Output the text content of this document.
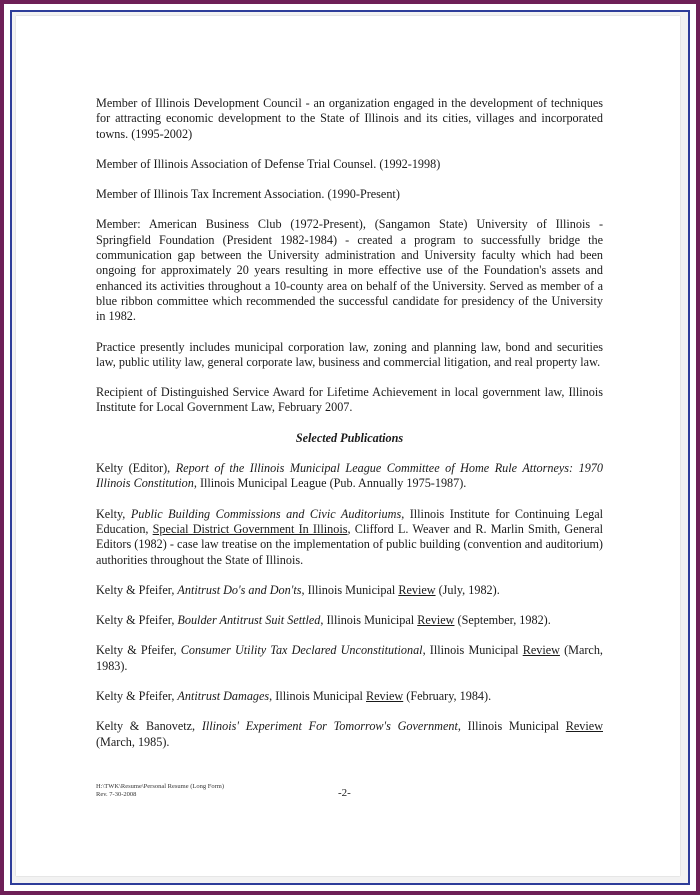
Member of Illinois Development Council - an organization engaged in the development of techniques for attracting economic development to the State of Illinois and its cities, villages and incorporated towns. (1995-2002)

Member of Illinois Association of Defense Trial Counsel. (1992-1998)

Member of Illinois Tax Increment Association. (1990-Present)

Member: American Business Club (1972-Present), (Sangamon State) University of Illinois - Springfield Foundation (President 1982-1984) - created a program to successfully bridge the communication gap between the University administration and University faculty which had been ongoing for approximately 20 years resulting in more effective use of the Foundation's assets and enhanced its activities throughout a 10-county area on behalf of the University. Served as member of a blue ribbon committee which recommended the successful candidate for presidency of the University in 1982.

Practice presently includes municipal corporation law, zoning and planning law, bond and securities law, public utility law, general corporate law, business and commercial litigation, and real property law.

Recipient of Distinguished Service Award for Lifetime Achievement in local government law, Illinois Institute for Local Government Law, February 2007.

Selected Publications

Kelty (Editor), Report of the Illinois Municipal League Committee of Home Rule Attorneys: 1970 Illinois Constitution, Illinois Municipal League (Pub. Annually 1975-1987).

Kelty, Public Building Commissions and Civic Auditoriums, Illinois Institute for Continuing Legal Education, Special District Government In Illinois, Clifford L. Weaver and R. Marlin Smith, General Editors (1982) - case law treatise on the implementation of public building (convention and auditorium) authorities throughout the State of Illinois.

Kelty & Pfeifer, Antitrust Do's and Don'ts, Illinois Municipal Review (July, 1982).

Kelty & Pfeifer, Boulder Antitrust Suit Settled, Illinois Municipal Review (September, 1982).

Kelty & Pfeifer, Consumer Utility Tax Declared Unconstitutional, Illinois Municipal Review (March, 1983).

Kelty & Pfeifer, Antitrust Damages, Illinois Municipal Review (February, 1984).

Kelty & Banovetz, Illinois' Experiment For Tomorrow's Government, Illinois Municipal Review (March, 1985).

H:\TWK\Resume\Personal Resume (Long Form)
Rev. 7-30-2008	-2-
